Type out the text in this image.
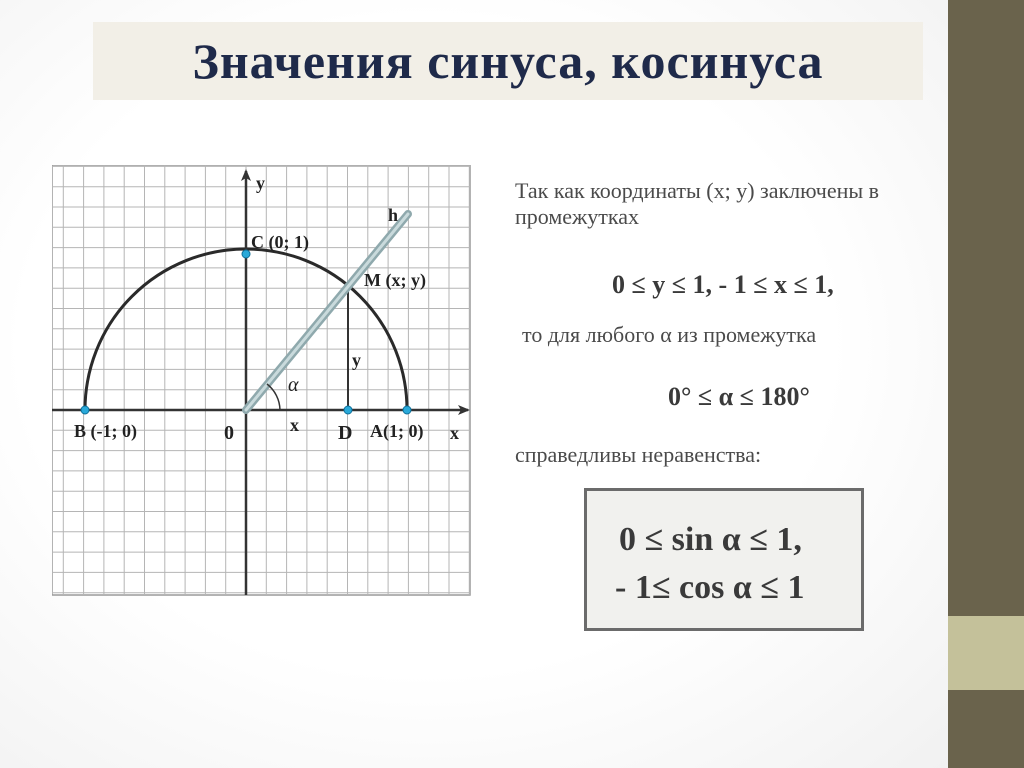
Значения синуса, косинуса
y
x
0
C (0; 1)
h
M (x; y)
y
x
B (-1; 0)	D A(1; 0)
α
Так как координаты (x; y) заключены в промежутках
0 ≤ y ≤ 1, - 1 ≤ x ≤ 1,
то для любого α из промежутка
0° ≤ α ≤ 180°
справедливы неравенства:
0 ≤ sin α ≤ 1,
- 1≤ cos α ≤ 1
